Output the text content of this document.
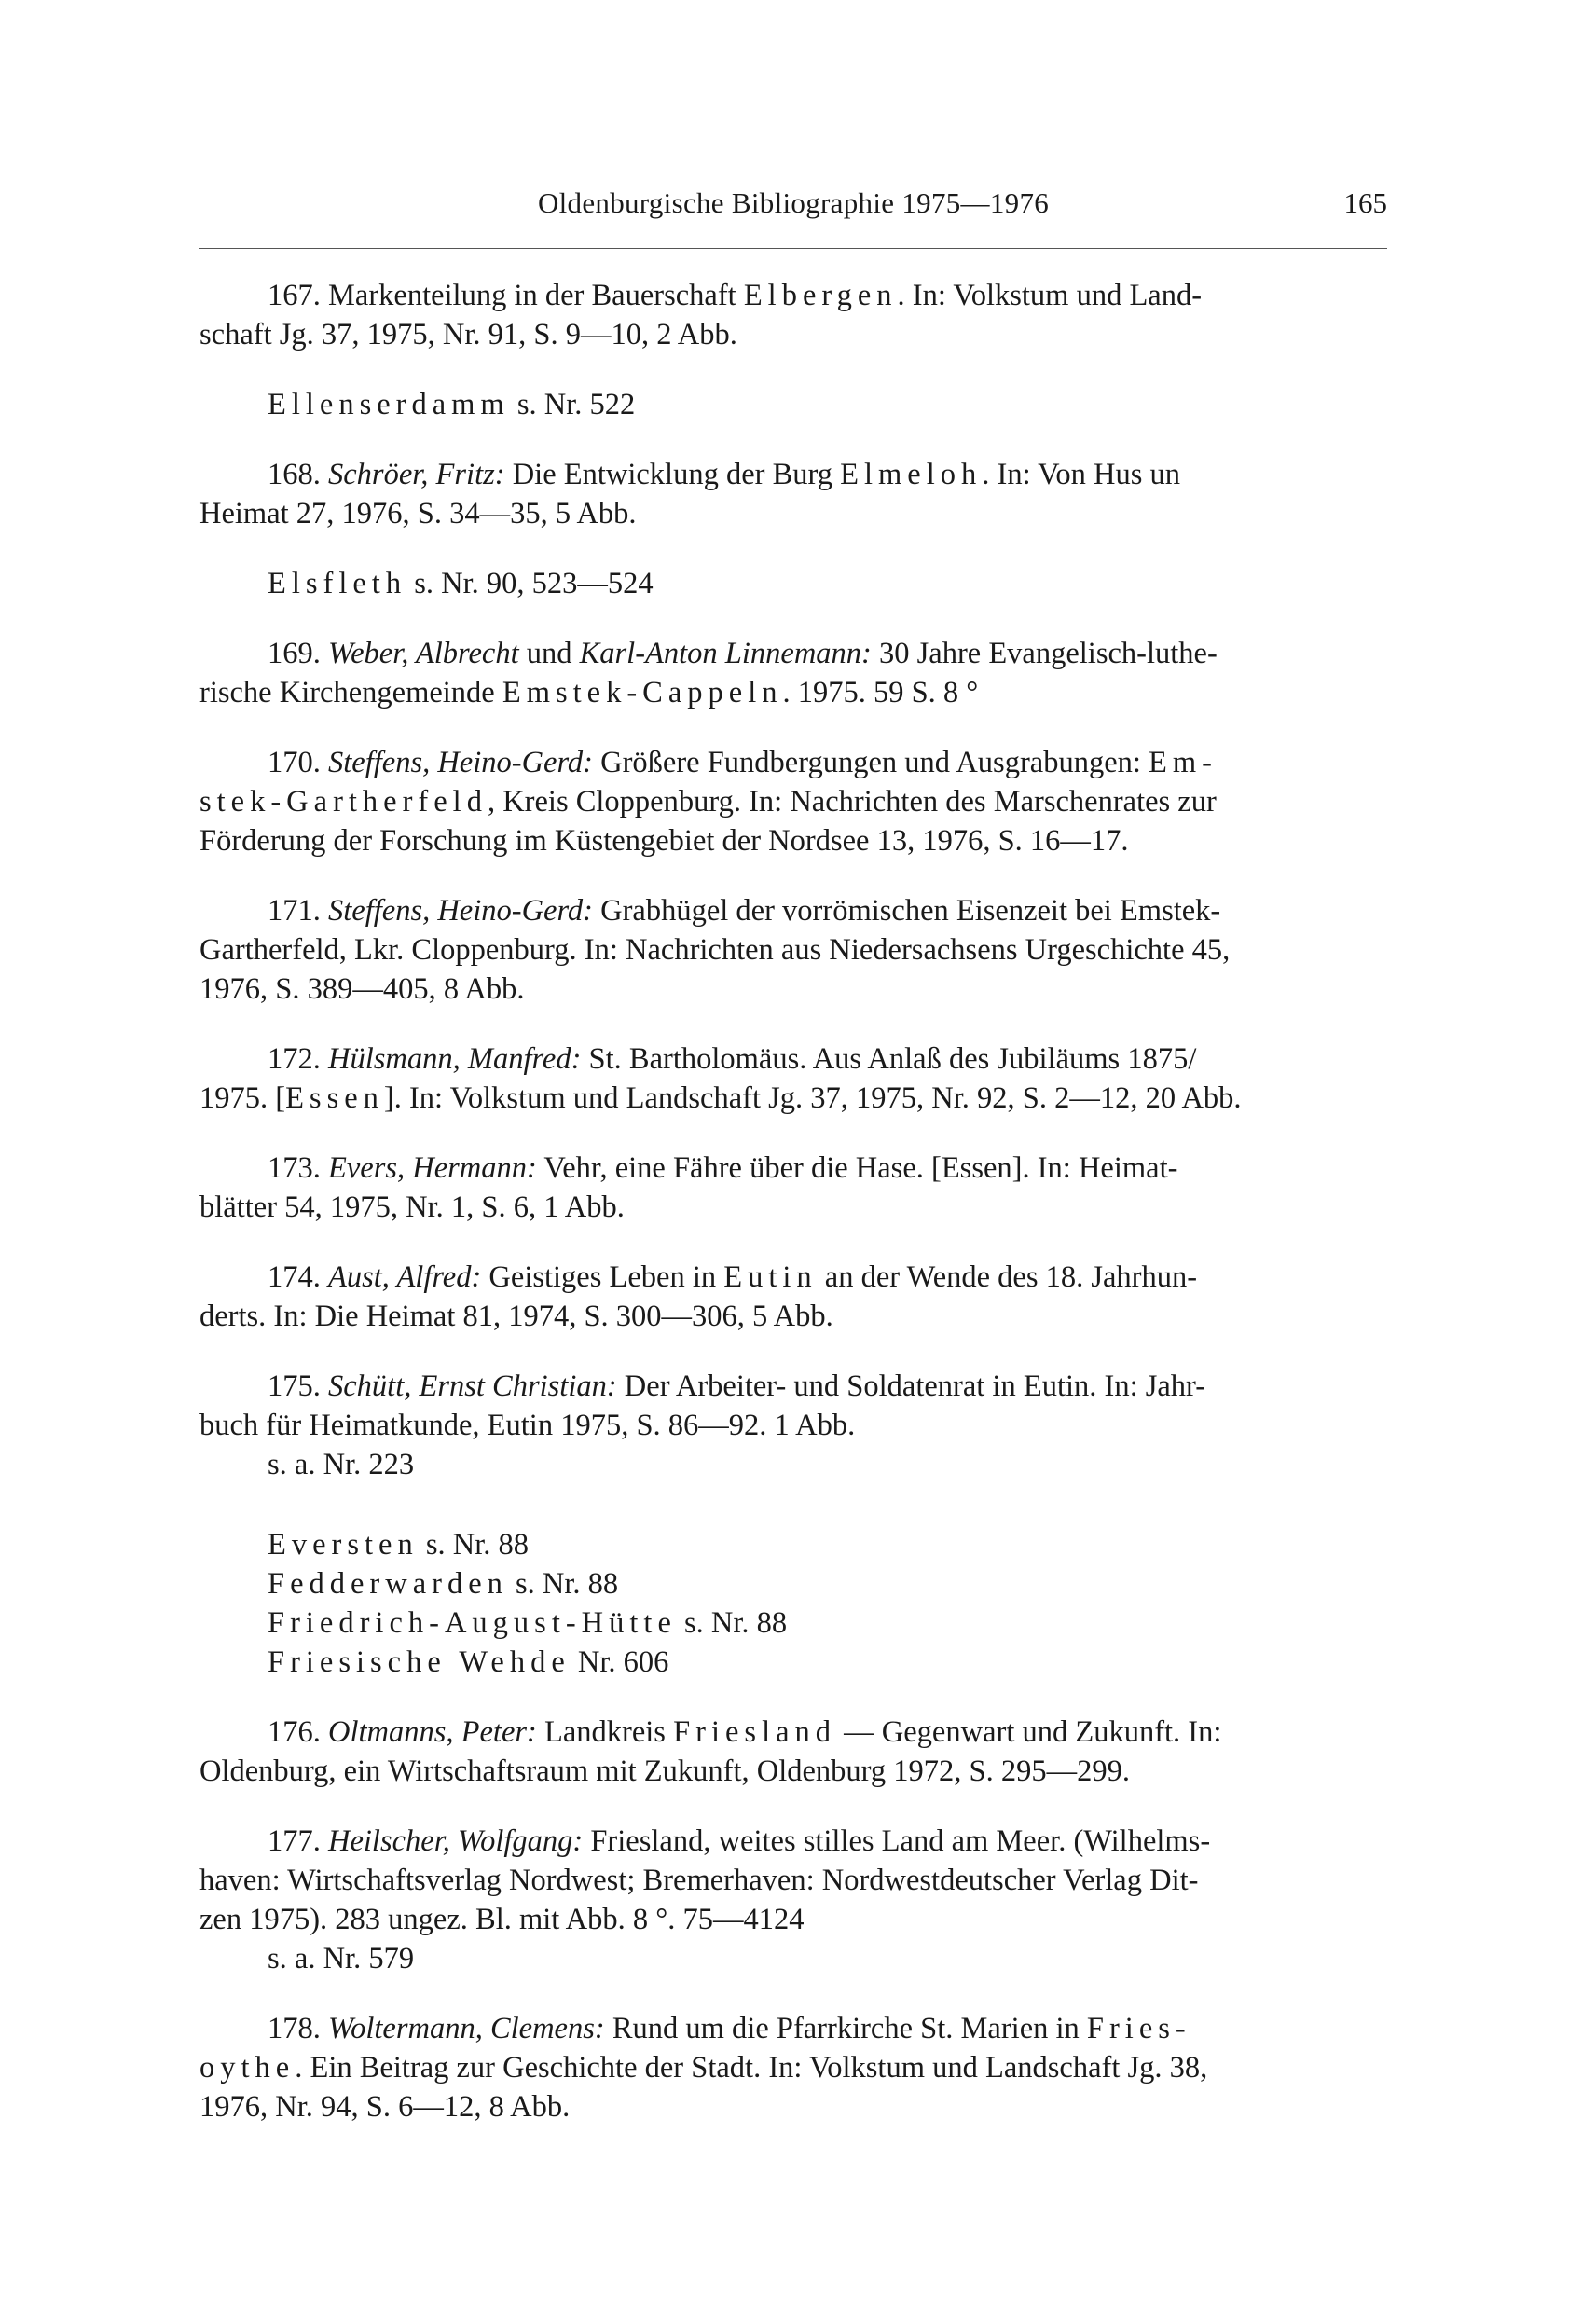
Oldenburgische Bibliographie 1975—1976	165
167. Markenteilung in der Bauerschaft Elbergen. In: Volkstum und Land-
schaft Jg. 37, 1975, Nr. 91, S. 9—10, 2 Abb.
Ellenserdamm s. Nr. 522
168. Schröer, Fritz: Die Entwicklung der Burg Elmeloh. In: Von Hus un
Heimat 27, 1976, S. 34—35, 5 Abb.
Elsfleth s. Nr. 90, 523—524
169. Weber, Albrecht und Karl-Anton Linnemann: 30 Jahre Evangelisch-luthe-
rische Kirchengemeinde Emstek-Cappeln. 1975. 59 S. 8 °
170. Steffens, Heino-Gerd: Größere Fundbergungen und Ausgrabungen: Em-
stek-Gartherfeld, Kreis Cloppenburg. In: Nachrichten des Marschenrates zur
Förderung der Forschung im Küstengebiet der Nordsee 13, 1976, S. 16—17.
171. Steffens, Heino-Gerd: Grabhügel der vorrömischen Eisenzeit bei Emstek-
Gartherfeld, Lkr. Cloppenburg. In: Nachrichten aus Niedersachsens Urgeschichte 45,
1976, S. 389—405, 8 Abb.
172. Hülsmann, Manfred: St. Bartholomäus. Aus Anlaß des Jubiläums 1875/
1975. [Essen]. In: Volkstum und Landschaft Jg. 37, 1975, Nr. 92, S. 2—12, 20 Abb.
173. Evers, Hermann: Vehr, eine Fähre über die Hase. [Essen]. In: Heimat-
blätter 54, 1975, Nr. 1, S. 6, 1 Abb.
174. Aust, Alfred: Geistiges Leben in Eutin an der Wende des 18. Jahrhun-
derts. In: Die Heimat 81, 1974, S. 300—306, 5 Abb.
175. Schütt, Ernst Christian: Der Arbeiter- und Soldatenrat in Eutin. In: Jahr-
buch für Heimatkunde, Eutin 1975, S. 86—92. 1 Abb.
s. a. Nr. 223
Eversten s. Nr. 88
Fedderwarden s. Nr. 88
Friedrich-August-Hütte s. Nr. 88
Friesische Wehde Nr. 606
176. Oltmanns, Peter: Landkreis Friesland — Gegenwart und Zukunft. In:
Oldenburg, ein Wirtschaftsraum mit Zukunft, Oldenburg 1972, S. 295—299.
177. Heilscher, Wolfgang: Friesland, weites stilles Land am Meer. (Wilhelms-
haven: Wirtschaftsverlag Nordwest; Bremerhaven: Nordwestdeutscher Verlag Dit-
zen 1975). 283 ungez. Bl. mit Abb. 8 °. 75—4124
s. a. Nr. 579
178. Woltermann, Clemens: Rund um die Pfarrkirche St. Marien in Fries-
oythe. Ein Beitrag zur Geschichte der Stadt. In: Volkstum und Landschaft Jg. 38,
1976, Nr. 94, S. 6—12, 8 Abb.
